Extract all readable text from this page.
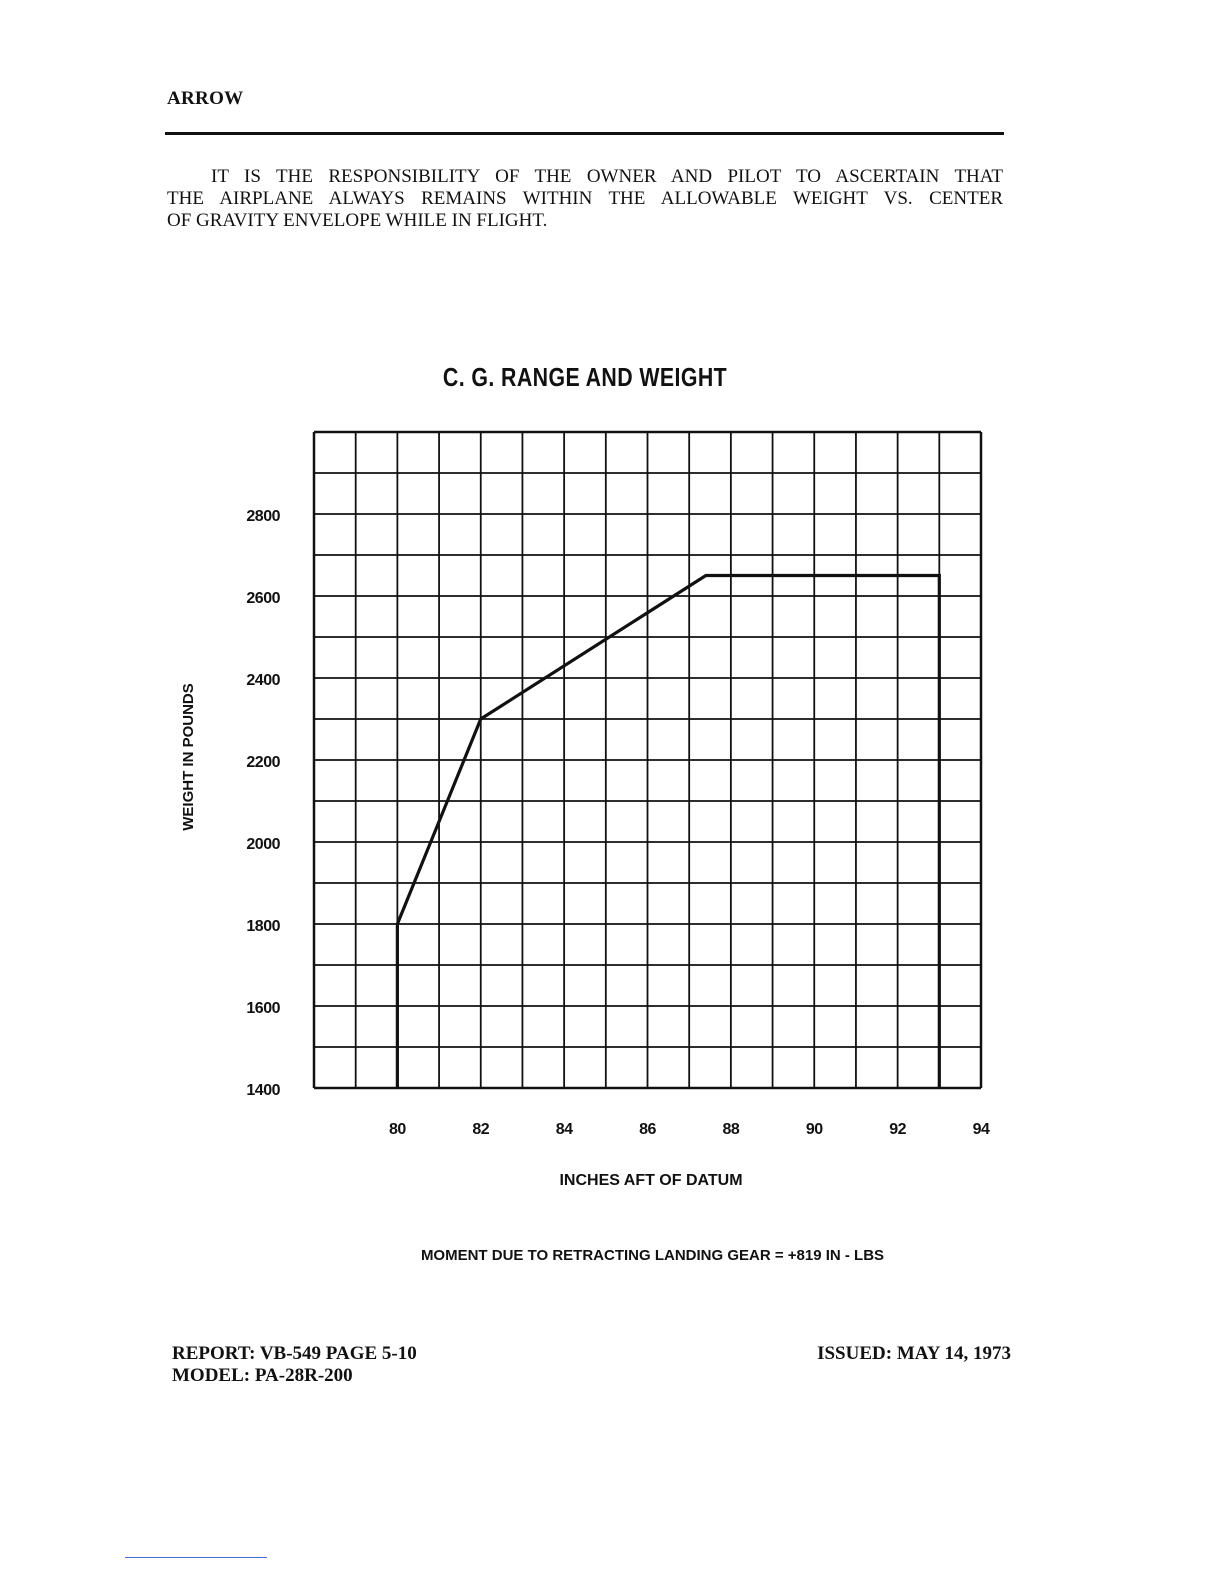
ARROW

IT IS THE RESPONSIBILITY OF THE OWNER AND PILOT TO ASCERTAIN THAT
THE AIRPLANE ALWAYS REMAINS WITHIN THE ALLOWABLE WEIGHT VS. CENTER
OF GRAVITY ENVELOPE WHILE IN FLIGHT.

C. G. RANGE AND WEIGHT
1400
1600
1800
2000
2200
2400
2600
2800
80	82	84	86	88	90	92	94
INCHES AFT OF DATUM
WEIGHT IN POUNDS
MOMENT DUE TO RETRACTING LANDING GEAR = +819 IN - LBS
REPORT: VB-549 PAGE 5-10
MODEL: PA-28R-200
ISSUED: MAY 14, 1973
